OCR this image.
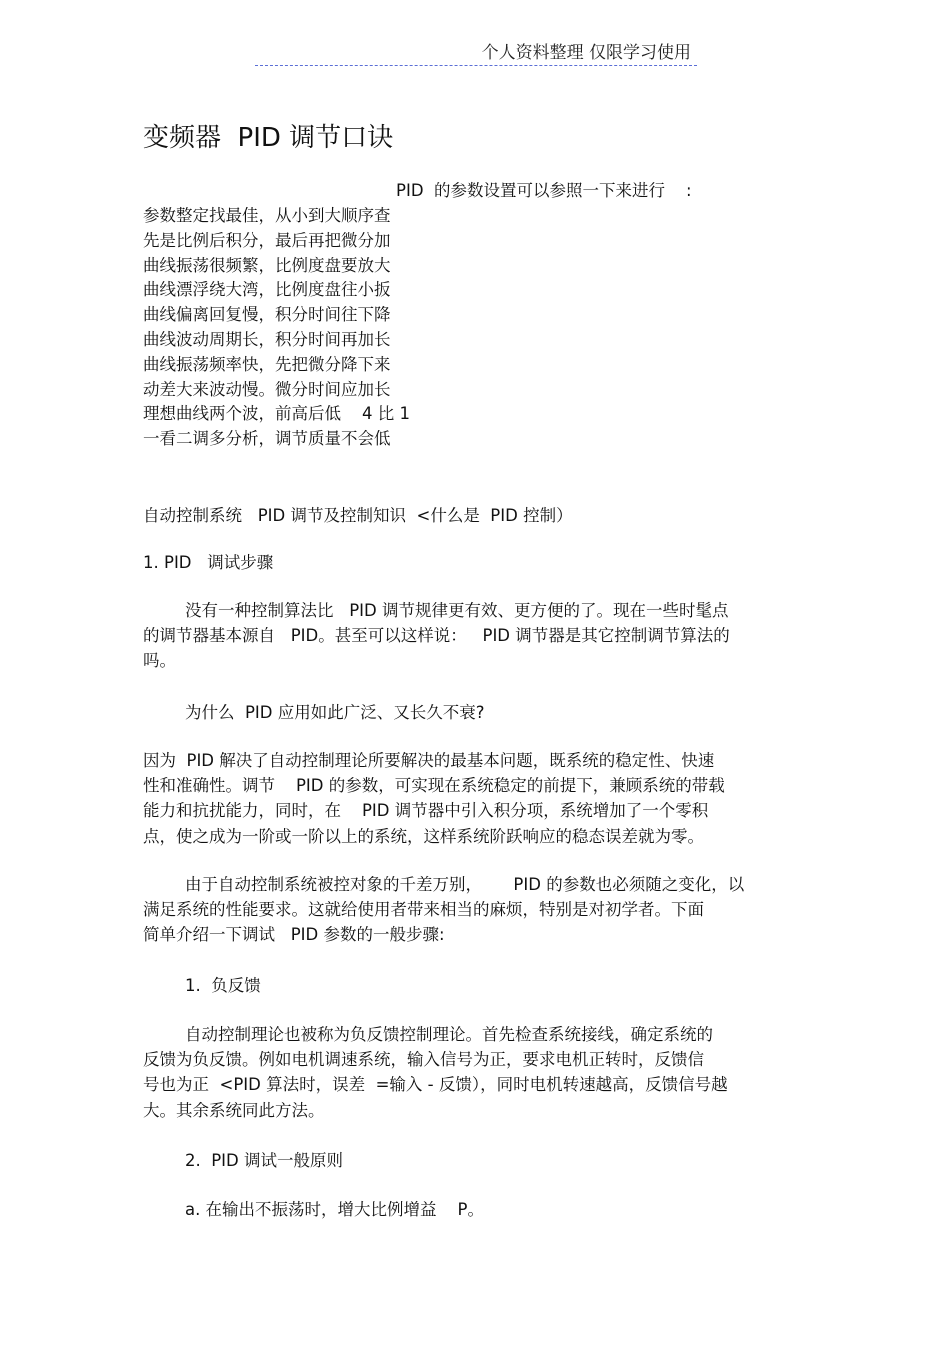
个人资料整理 仅限学习使用
变频器  PID 调节口诀
PID  的参数设置可以参照一下来进行    :
参数整定找最佳，从小到大顺序查
先是比例后积分，最后再把微分加
曲线振荡很频繁，比例度盘要放大
曲线漂浮绕大湾，比例度盘往小扳
曲线偏离回复慢，积分时间往下降
曲线波动周期长，积分时间再加长
曲线振荡频率快，先把微分降下来
动差大来波动慢。微分时间应加长
理想曲线两个波，前高后低    4 比 1
一看二调多分析，调节质量不会低
自动控制系统   PID 调节及控制知识  <什么是  PID 控制）
1. PID   调试步骤
没有一种控制算法比   PID 调节规律更有效、更方便的了。现在一些时髦点
的调节器基本源自   PID。甚至可以这样说：   PID 调节器是其它控制调节算法的
吗。
为什么  PID 应用如此广泛、又长久不衰?
因为  PID 解决了自动控制理论所要解决的最基本问题，既系统的稳定性、快速
性和准确性。调节    PID 的参数，可实现在系统稳定的前提下，兼顾系统的带载
能力和抗扰能力，同时，在    PID 调节器中引入积分项，系统增加了一个零积
点，使之成为一阶或一阶以上的系统，这样系统阶跃响应的稳态误差就为零。
由于自动控制系统被控对象的千差万别，      PID 的参数也必须随之变化，以
满足系统的性能要求。这就给使用者带来相当的麻烦，特别是对初学者。下面
简单介绍一下调试   PID 参数的一般步骤:
1.  负反馈
自动控制理论也被称为负反馈控制理论。首先检查系统接线，确定系统的
反馈为负反馈。例如电机调速系统，输入信号为正，要求电机正转时，反馈信
号也为正  <PID 算法时，误差  =输入 - 反馈），同时电机转速越高，反馈信号越
大。其余系统同此方法。
2.  PID 调试一般原则
a. 在输出不振荡时，增大比例增益    P。
